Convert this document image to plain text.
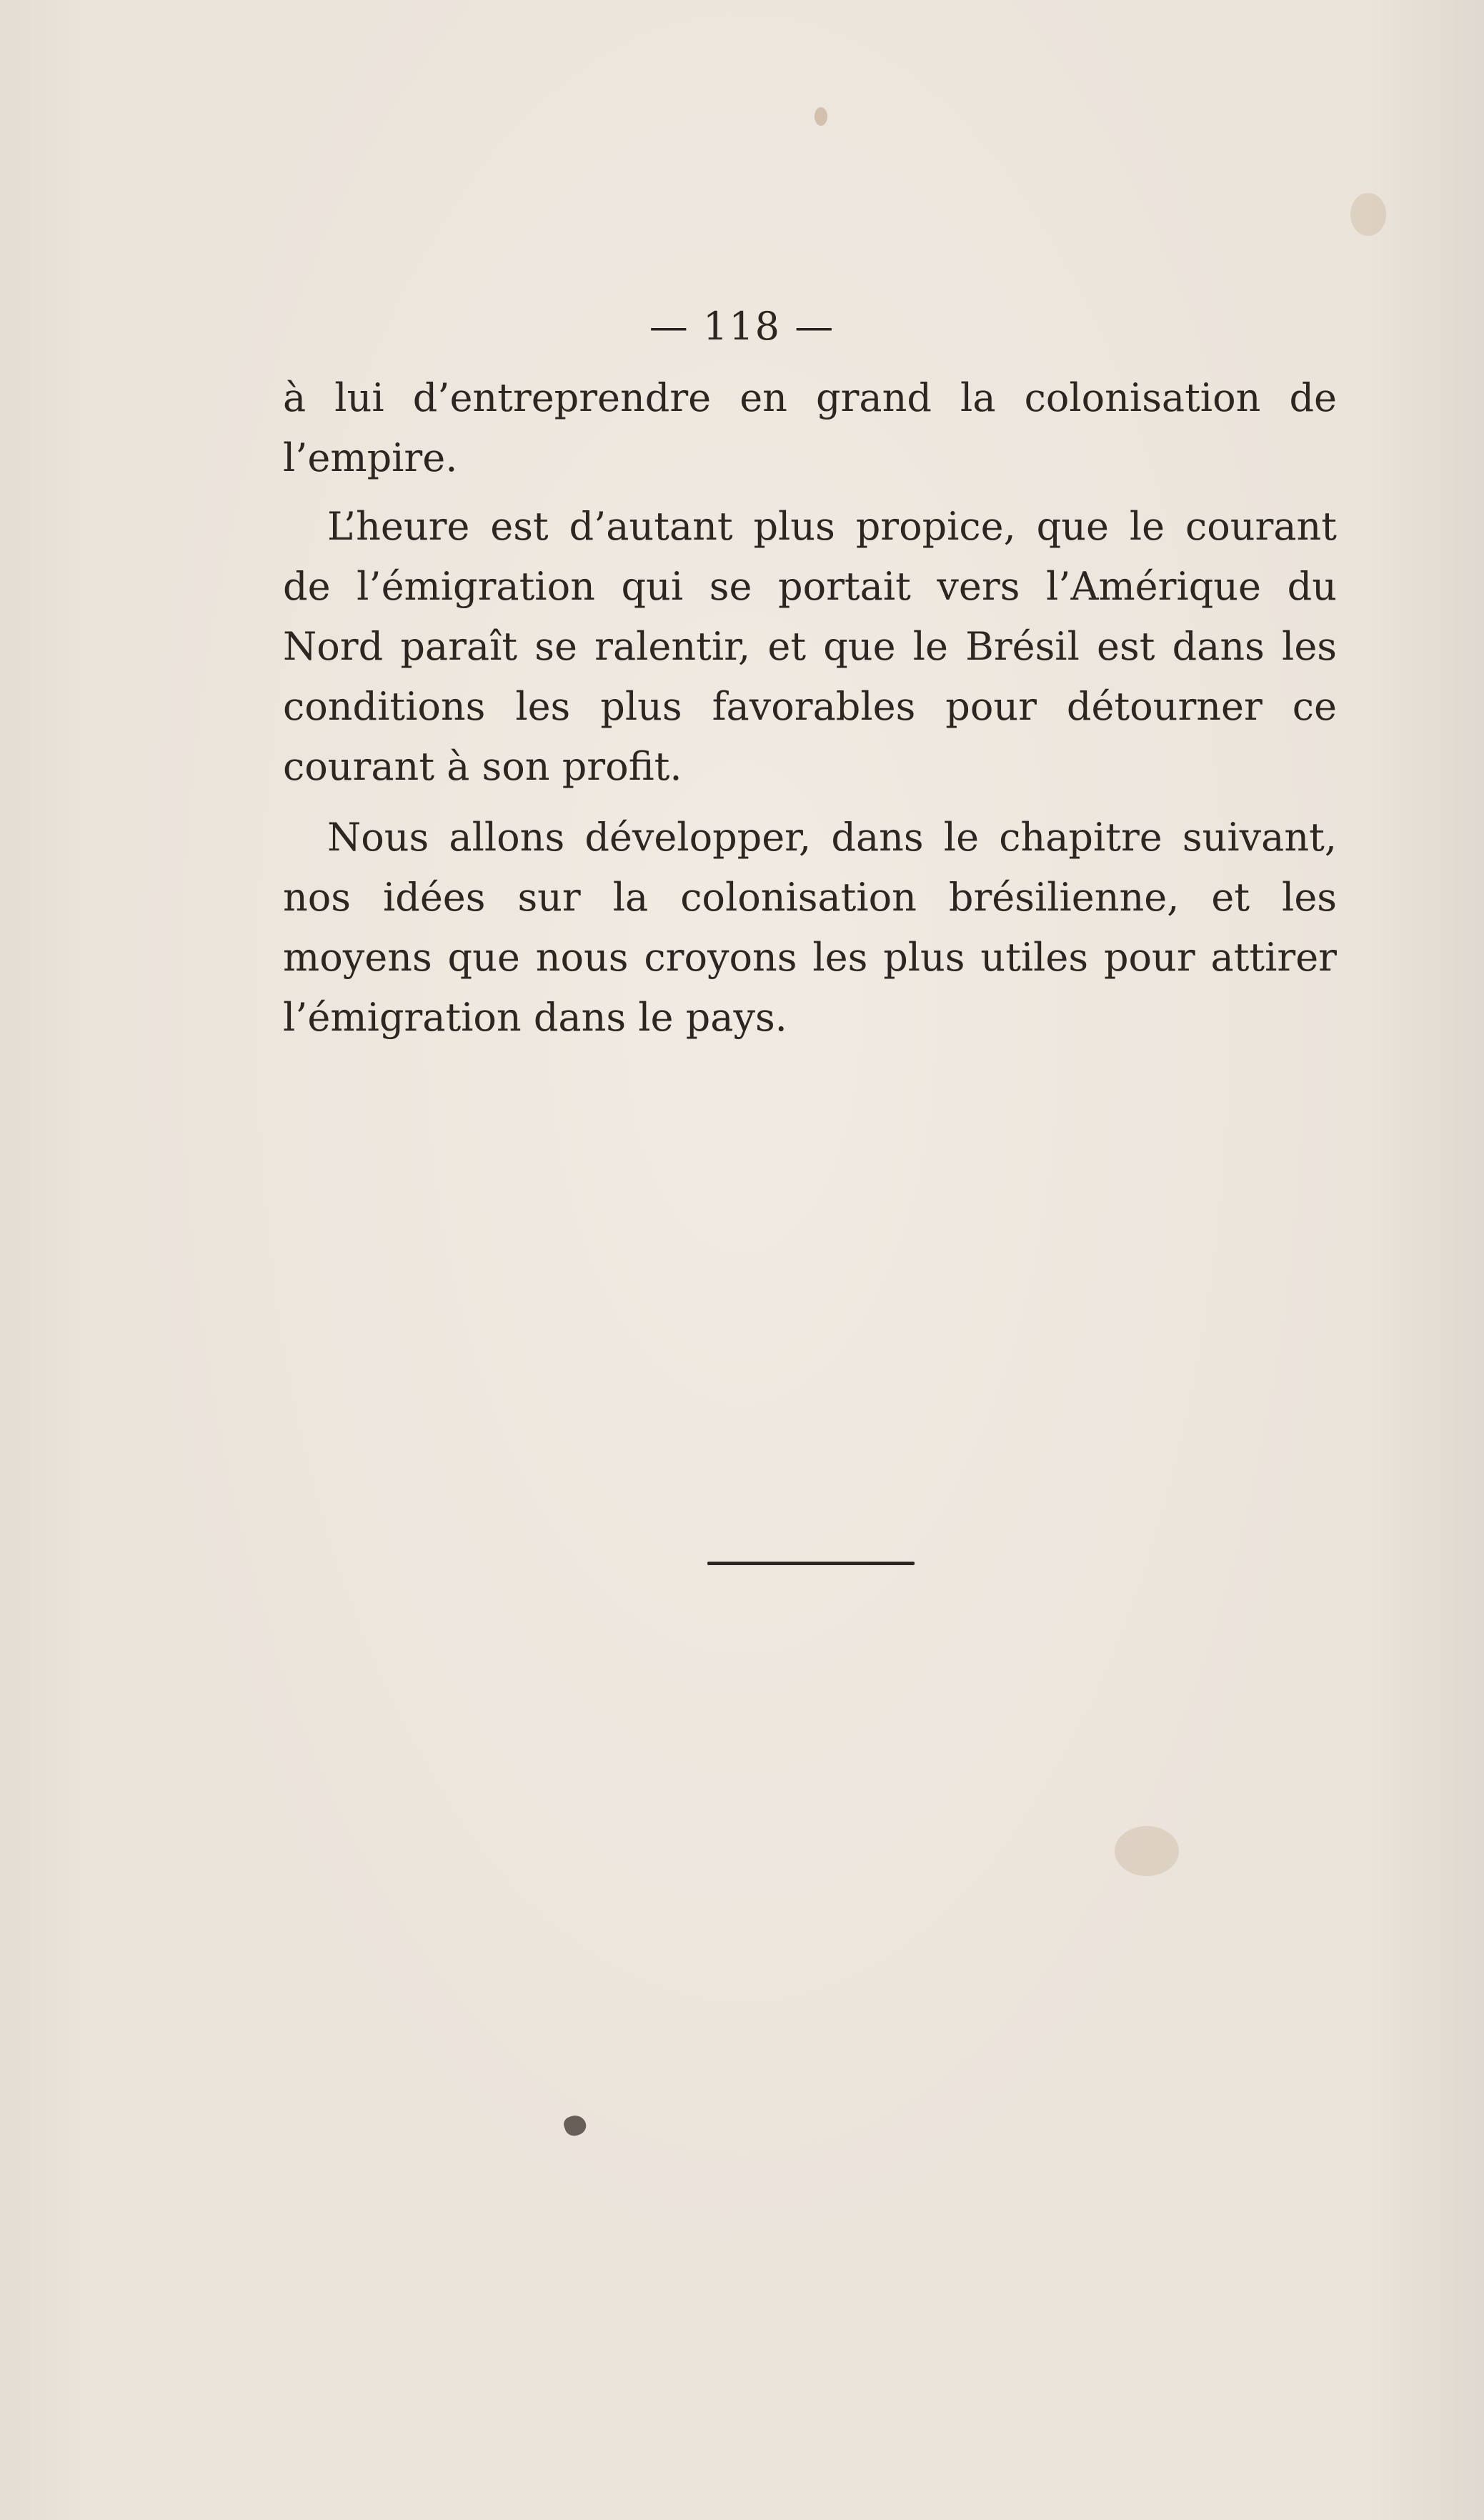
— 118 —

à lui d’entreprendre en grand la colonisation de l’empire.

L’heure est d’autant plus propice, que le courant de l’émigration qui se portait vers l’Amérique du Nord paraît se ralentir, et que le Brésil est dans les conditions les plus favorables pour détourner ce courant à son profit.

Nous allons développer, dans le chapitre suivant, nos idées sur la colonisation brésilienne, et les moyens que nous croyons les plus utiles pour attirer l’émigration dans le pays.
